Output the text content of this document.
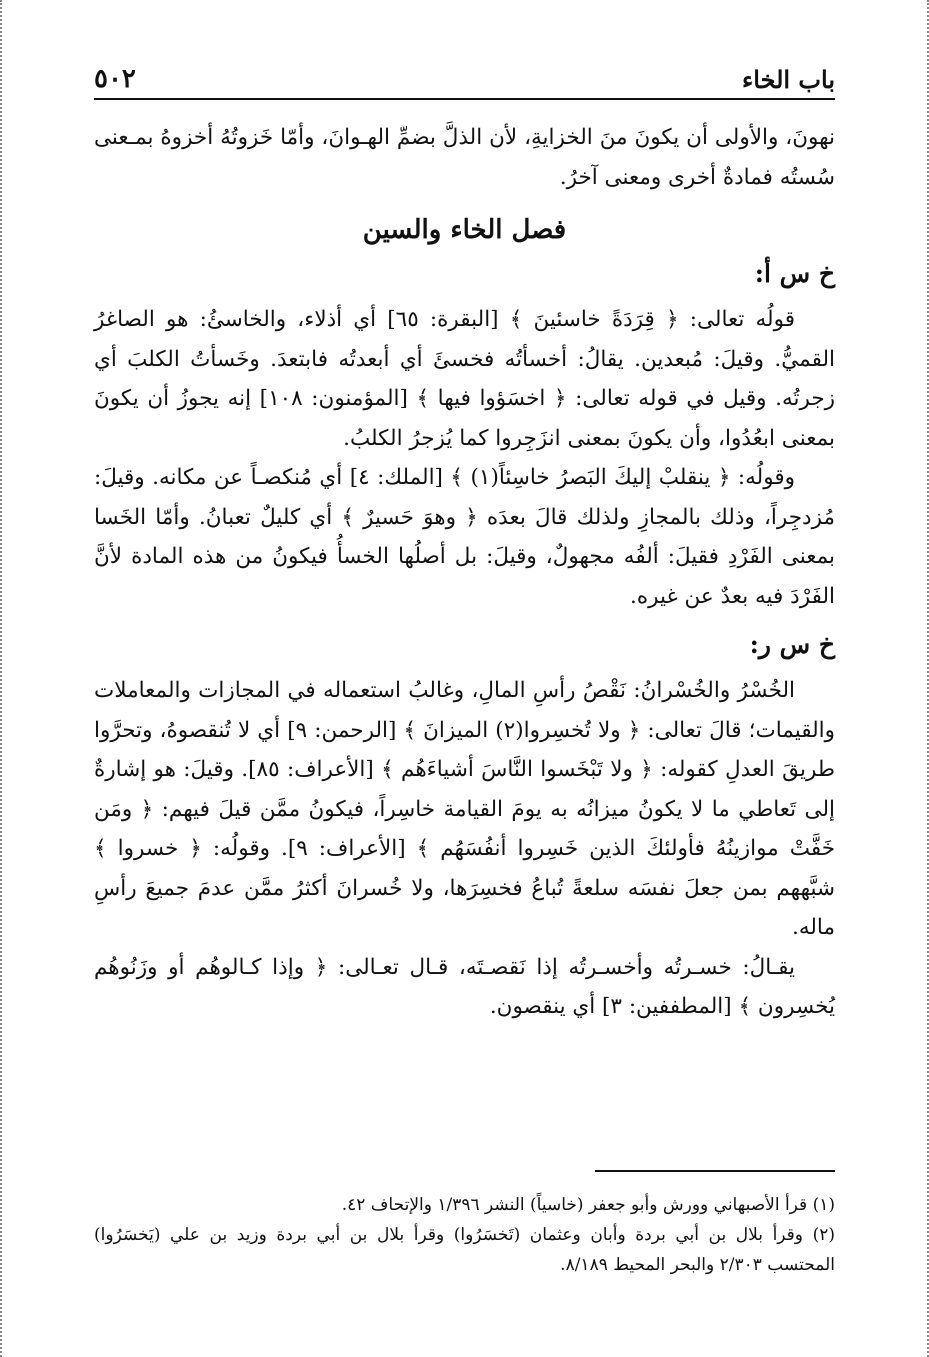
باب الخاء
٥٠٢

نهونَ، والأولى أن يكونَ منَ الخزايةِ، لأن الذلَّ بضمِّ الهـوانَ، وأمّا خَزوتُهُ أخزوهُ بمـعنى سُستُه فمادةٌ أخرى ومعنى آخرُ.

فصل الخاء والسين
خ س أ:

قولُه تعالى: ﴿ قِرَدَةً خاسئينَ ﴾ [البقرة: ٦٥] أي أذلاء، والخاسئُ: هو الصاغرُ القميُّ. وقيلَ: مُبعدين. يقالُ: أخسأتُه فخسئَ أي أبعدتُه فابتعدَ. وخَسأتُ الكلبَ أي زجرتُه. وقيل في قوله تعالى: ﴿ اخسَؤوا فيها ﴾ [المؤمنون: ١٠٨] إنه يجوزُ أن يكونَ بمعنى ابعُدُوا، وأن يكونَ بمعنى انزَجِروا كما يُزجرُ الكلبُ.

وقولُه: ﴿ ينقلبْ إليكَ البَصرُ خاسِئاً(١) ﴾ [الملك: ٤] أي مُنكصـاً عن مكانه. وقيلَ: مُزدجِراً، وذلك بالمجازِ ولذلك قالَ بعدَه ﴿ وهوَ حَسيرٌ ﴾ أي كليلٌ تعبانُ. وأمّا الخَسا بمعنى الفَرْدِ فقيلَ: ألفُه مجهولٌ، وقيلَ: بل أصلُها الخسأُ فيكونُ من هذه المادة لأنَّ الفَرْدَ فيه بعدٌ عن غيره.

خ س ر:

الخُسْرُ والخُسْرانُ: نَقْصُ رأسِ المالِ، وغالبُ استعماله في المجازات والمعاملات والقيمات؛ قالَ تعالى: ﴿ ولا تُخسِروا(٢) الميزانَ ﴾ [الرحمن: ٩] أي لا تُنقصوهُ، وتحرَّوا طريقَ العدلِ كقوله: ﴿ ولا تَبْخَسوا النَّاسَ أشياءَهُم ﴾ [الأعراف: ٨٥]. وقيلَ: هو إشارةٌ إلى تَعاطي ما لا يكونُ ميزانُه به يومَ القيامة خاسِراً، فيكونُ ممَّن قيلَ فيهم: ﴿ ومَن خَفَّتْ موازينُهُ فأولئكَ الذين خَسِروا أنفُسَهُم ﴾ [الأعراف: ٩]. وقولُه: ﴿ خسروا ﴾ شبَّههم بمن جعلَ نفسَه سلعةً تُباعُ فخسِرَها، ولا خُسرانَ أكثرُ ممَّن عدمَ جميعَ رأسِ ماله.

يقـالُ: خسـرتُه وأخسـرتُه إذا نَقصـتَه، قـال تعـالى: ﴿ وإذا كـالوهُم أو وزَنُوهُم يُخسِرون ﴾ [المطففين: ٣] أي ينقصون.

(١) قرأ الأصبهاني وورش وأبو جعفر (خاسياً) النشر ١/٣٩٦ والإتحاف ٤٢.

(٢) وقرأ بلال بن أبي بردة وأبان وعثمان (تَخسَرُوا) وقرأ بلال بن أبي بردة وزيد بن علي (يَخسَرُوا) المحتسب ٢/٣٠٣ والبحر المحيط ٨/١٨٩.
